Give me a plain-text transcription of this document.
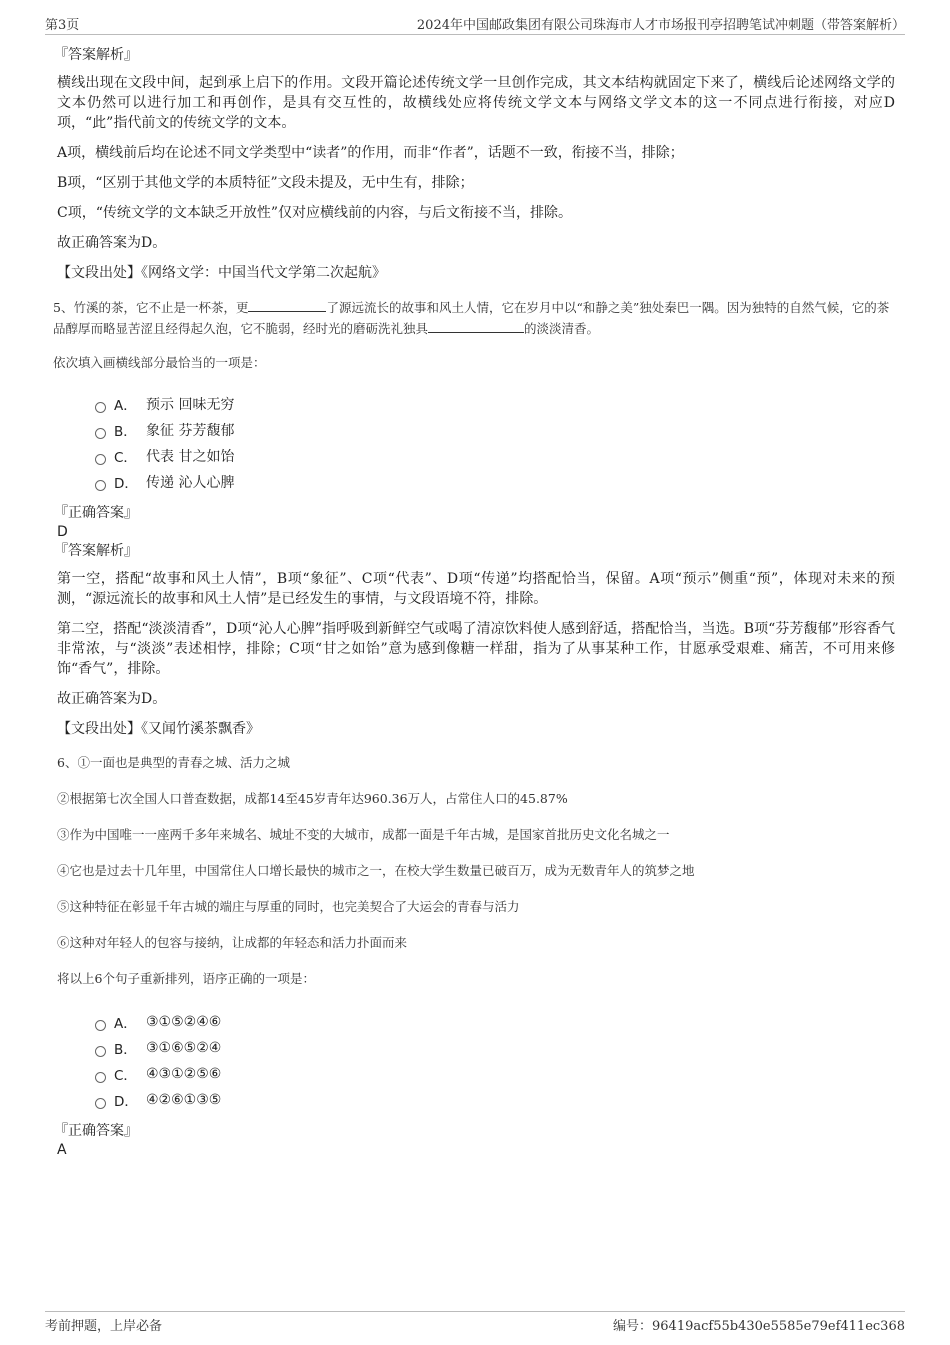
第3页	2024年中国邮政集团有限公司珠海市人才市场报刊亭招聘笔试冲刺题（带答案解析）
『答案解析』

横线出现在文段中间，起到承上启下的作用。文段开篇论述传统文学一旦创作完成，其文本结构就固定下来了，横线后论述网络文学的文本仍然可以进行加工和再创作，是具有交互性的，故横线处应将传统文学文本与网络文学文本的这一不同点进行衔接，对应D项，“此”指代前文的传统文学的文本。

A项，横线前后均在论述不同文学类型中“读者”的作用，而非“作者”，话题不一致，衔接不当，排除；

B项，“区别于其他文学的本质特征”文段未提及，无中生有，排除；

C项，“传统文学的文本缺乏开放性”仅对应横线前的内容，与后文衔接不当，排除。

故正确答案为D。

【文段出处】《网络文学：中国当代文学第二次起航》

5、竹溪的茶，它不止是一杯茶，更	了源远流长的故事和风土人情，它在岁月中以“和静之美”独处秦巴一隅。因为独特的自然气候，它的茶品醇厚而略显苦涩且经得起久泡，它不脆弱，经时光的磨砺洗礼独具	的淡淡清香。
依次填入画横线部分最恰当的一项是：
A． 预示 回味无穷
B． 象征 芬芳馥郁
C． 代表 甘之如饴
D． 传递 沁人心脾
『正确答案』
D
『答案解析』

第一空，搭配“故事和风土人情”，B项“象征”、C项“代表”、D项“传递”均搭配恰当，保留。A项“预示”侧重“预”，体现对未来的预测，“源远流长的故事和风土人情”是已经发生的事情，与文段语境不符，排除。

第二空，搭配“淡淡清香”，D项“沁人心脾”指呼吸到新鲜空气或喝了清凉饮料使人感到舒适，搭配恰当，当选。B项“芬芳馥郁”形容香气非常浓，与“淡淡”表述相悖，排除；C项“甘之如饴”意为感到像糖一样甜，指为了从事某种工作，甘愿承受艰难、痛苦，不可用来修饰“香气”，排除。

故正确答案为D。

【文段出处】《又闻竹溪茶飘香》

6、①一面也是典型的青春之城、活力之城
②根据第七次全国人口普查数据，成都14至45岁青年达960.36万人，占常住人口的45.87%
③作为中国唯一一座两千多年来城名、城址不变的大城市，成都一面是千年古城，是国家首批历史文化名城之一
④它也是过去十几年里，中国常住人口增长最快的城市之一，在校大学生数量已破百万，成为无数青年人的筑梦之地
⑤这种特征在彰显千年古城的端庄与厚重的同时，也完美契合了大运会的青春与活力
⑥这种对年轻人的包容与接纳，让成都的年轻态和活力扑面而来
将以上6个句子重新排列，语序正确的一项是：
A． ③①⑤②④⑥
B． ③①⑥⑤②④
C． ④③①②⑤⑥
D． ④②⑥①③⑤
『正确答案』
A
考前押题，上岸必备	编号：96419acf55b430e5585e79ef411ec368
